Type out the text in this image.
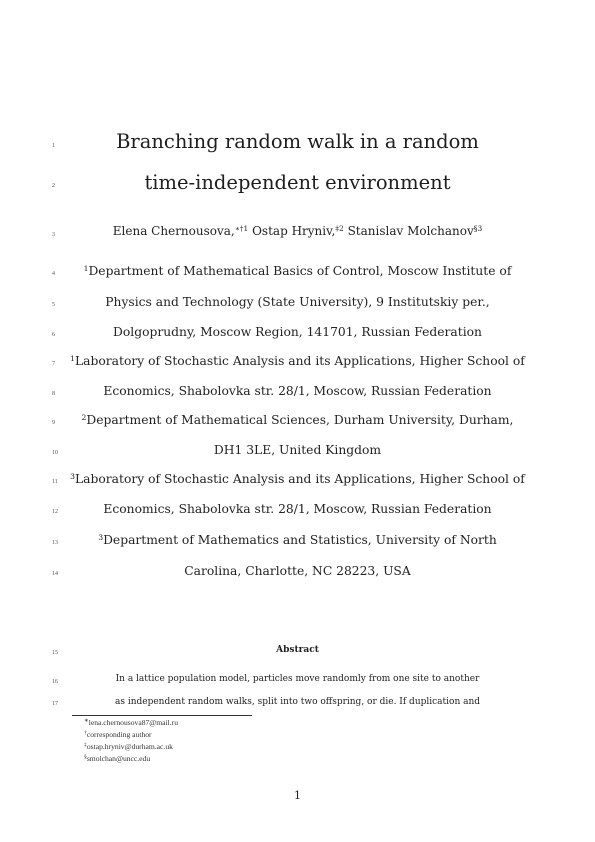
1
2
3
4
5
6
7
8
9
10
11
12
13
14
15
16
17
Branching random walk in a random
time-independent environment
Elena Chernousova,$^{∗\dagger 1}$ Ostap Hryniv,$^{\ddagger 2}$ Stanislav Molchanov$^{\S 3}$
$^1$Department of Mathematical Basics of Control, Moscow Institute of
Physics and Technology (State University), 9 Institutskiy per.,
Dolgoprudny, Moscow Region, 141701, Russian Federation
$^1$Laboratory of Stochastic Analysis and its Applications, Higher School of
Economics, Shabolovka str. 28/1, Moscow, Russian Federation
$^2$Department of Mathematical Sciences, Durham University, Durham,
DH1 3LE, United Kingdom
$^3$Laboratory of Stochastic Analysis and its Applications, Higher School of
Economics, Shabolovka str. 28/1, Moscow, Russian Federation
$^3$Department of Mathematics and Statistics, University of North
Carolina, Charlotte, NC 28223, USA
Abstract
In a lattice population model, particles move randomly from one site to another
as independent random walks, split into two offspring, or die. If duplication and
∗lena.chernousova87@mail.ru
†corresponding author
‡ostap.hryniv@durham.ac.uk
§smolchan@uncc.edu
1
